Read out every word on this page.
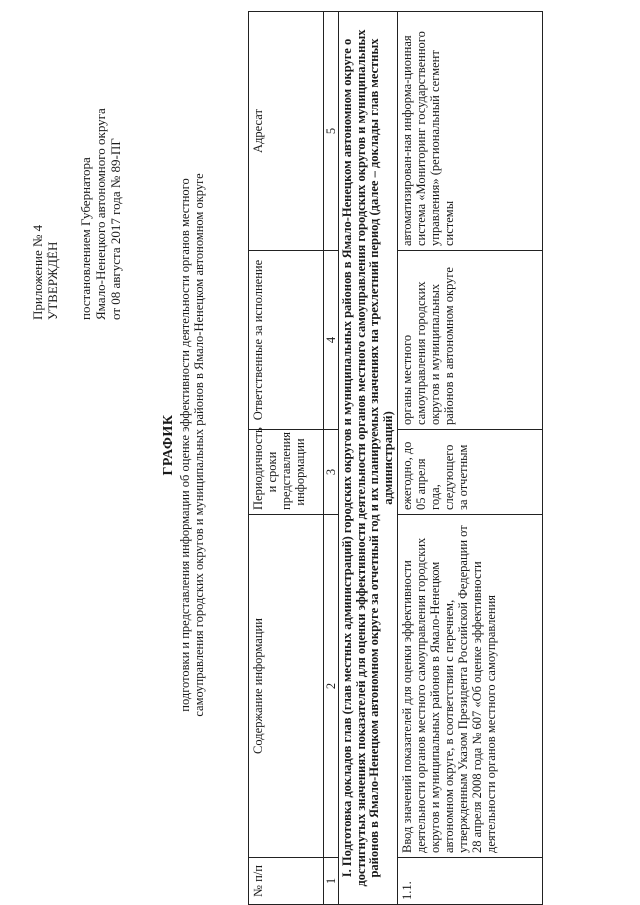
Приложение № 4 УТВЕРЖДЁН постановлением Губернатора Ямало-Ненецкого автономного округа от 08 августа 2017 года № 89-ПГ
ГРАФИК подготовки и представления информации об оценке эффективности деятельности органов местного самоуправления городских округов и муниципальных районов в Ямало-Ненецком автономном округе
№ п/п	Содержание информации	Периодичность и сроки представления информации	Ответственные за исполнение	Адресат
1	2	3	4	5
I. Подготовка докладов глав (глав местных администраций) городских округов и муниципальных районов в Ямало-Ненецком автономном округе о достигнутых значениях показателей для оценки эффективности деятельности органов местного самоуправления городских округов и муниципальных районов в Ямало-Ненецком автономном округе за отчетный год и их планируемых значениях на трехлетний период (далее – доклады глав местных администраций)				
1.1.	Ввод значений показателей для оценки эффективности деятельности органов местного самоуправления городских округов и муниципальных районов в Ямало-Ненецком автономном округе, в соответствии с перечнем, утвержденным Указом Президента Российской Федерации от 28 апреля 2008 года № 607 «Об оценке эффективности деятельности органов местного самоуправления	ежегодно, до 05 апреля года, следующего за отчетным	органы местного самоуправления городских округов и муниципальных районов в автономном округе	автоматизирован-ная информа-ционная система «Мониторинг государственного управления» (региональный сегмент системы
